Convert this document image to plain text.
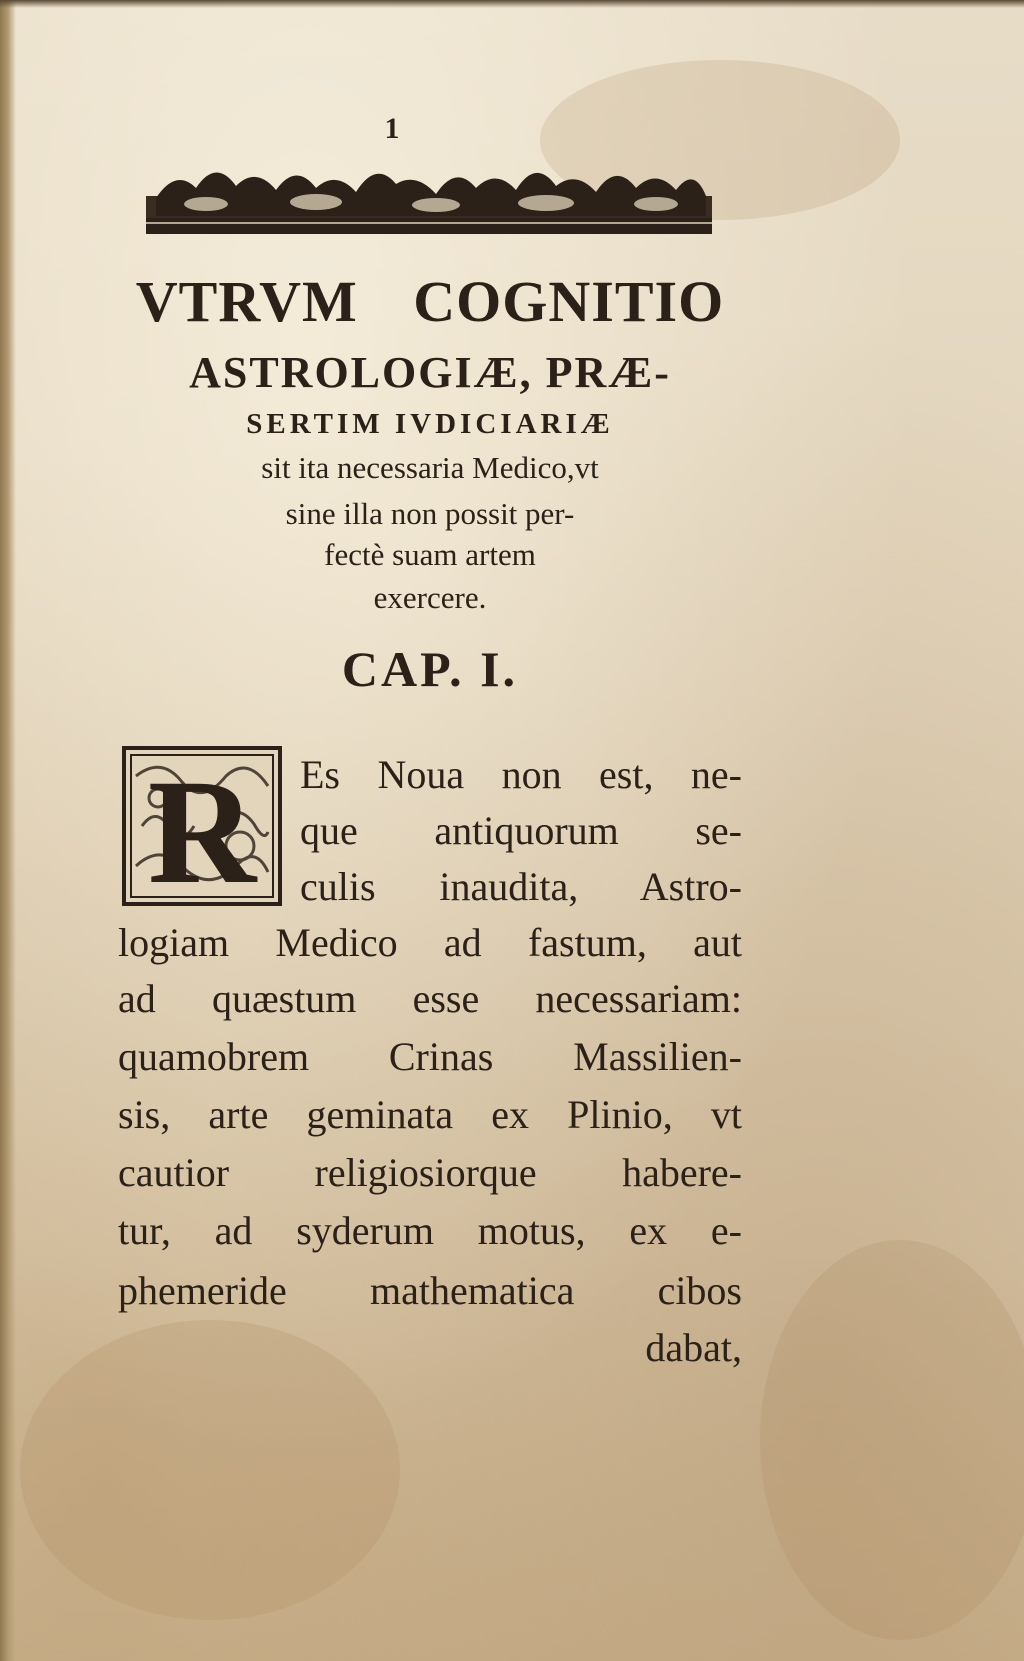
1
VTRVM COGNITIO
ASTROLOGIÆ, PRÆ-
SERTIM IVDICIARIÆ
sit ita necessaria Medico,vt
sine illa non possit per-
fectè suam artem
exercere.
CAP. I.
R Es Noua non est, ne-
que antiquorum se-
culis inaudita, Astro-
logiam Medico ad fastum, aut
ad quæstum esse necessariam:
quamobrem Crinas Massilien-
sis, arte geminata ex Plinio, vt
cautior religiosiorque habere-
tur, ad syderum motus, ex e-
phemeride mathematica cibos
dabat,
